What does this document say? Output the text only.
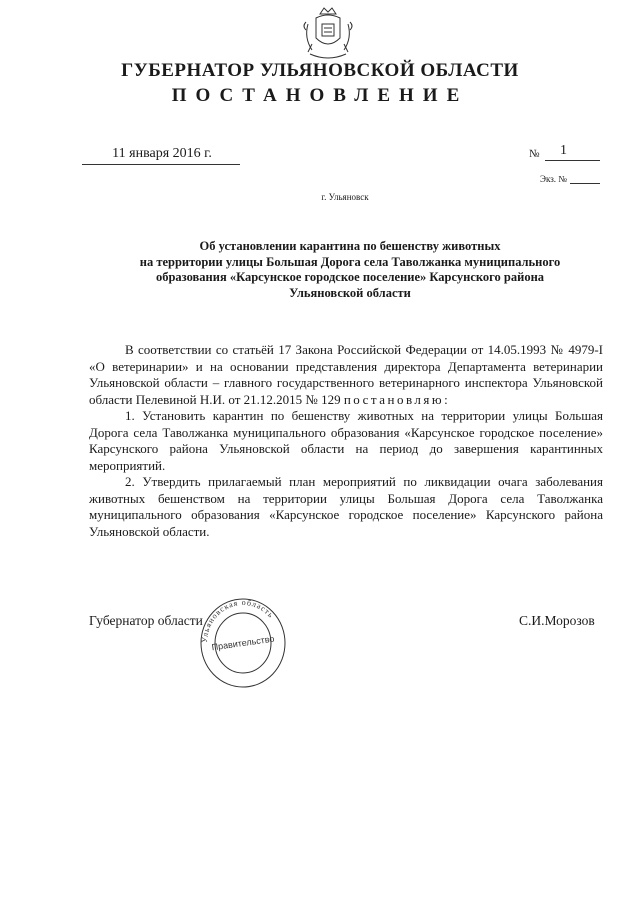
ГУБЕРНАТОР УЛЬЯНОВСКОЙ ОБЛАСТИ
ПОСТАНОВЛЕНИЕ
11 января 2016 г.	№ 1
Экз. №
г. Ульяновск
Об установлении карантина по бешенству животных
на территории улицы Большая Дорога села Таволжанка муниципального
образования «Карсунское городское поселение» Карсунского района
Ульяновской области

В соответствии со статьёй 17 Закона Российской Федерации от 14.05.1993 № 4979-I «О ветеринарии» и на основании представления директора Департамента ветеринарии Ульяновской области – главного государственного ветеринарного инспектора Ульяновской области Пелевиной Н.И. от 21.12.2015 № 129 постановляю:

1. Установить карантин по бешенству животных на территории улицы Большая Дорога села Таволжанка муниципального образования «Карсунское городское поселение» Карсунского района Ульяновской области на период до завершения карантинных мероприятий.

2. Утвердить прилагаемый план мероприятий по ликвидации очага заболевания животных бешенством на территории улицы Большая Дорога села Таволжанка муниципального образования «Карсунское городское поселение» Карсунского района Ульяновской области.

Губернатор области	С.И.Морозов
Ульяновская область
Правительство
